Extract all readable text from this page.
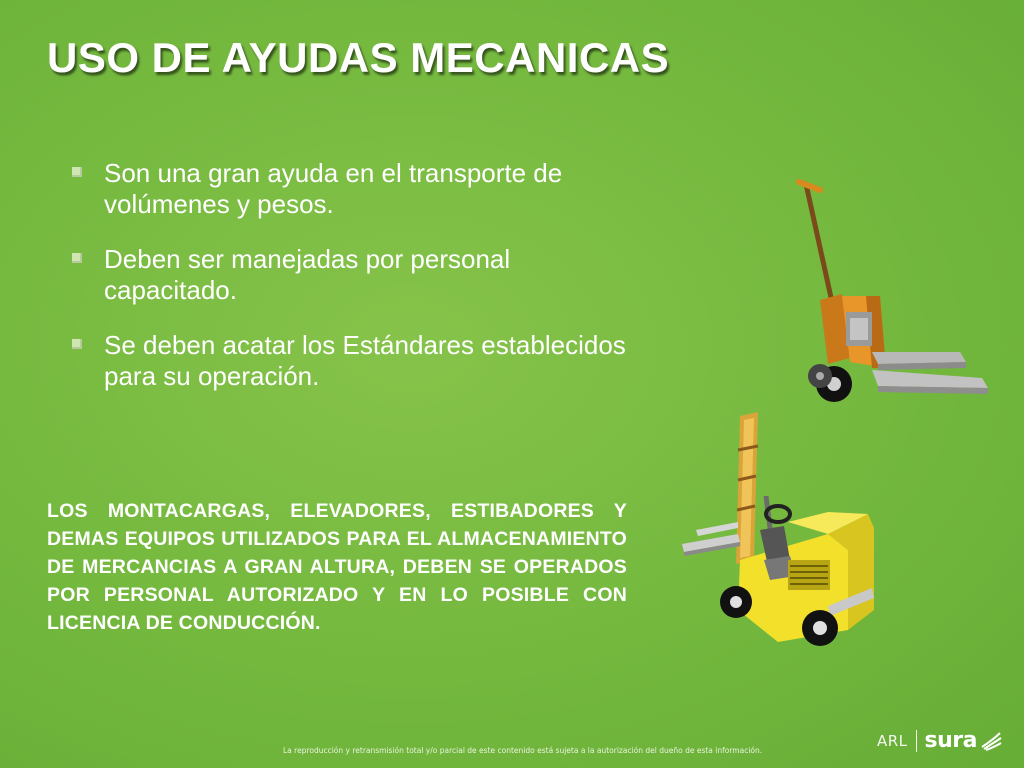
USO DE AYUDAS MECANICAS
Son una gran ayuda en el transporte de volúmenes y pesos.
Deben ser manejadas por personal capacitado.
Se deben acatar los Estándares establecidos para su operación.

LOS MONTACARGAS, ELEVADORES, ESTIBADORES Y DEMAS EQUIPOS UTILIZADOS PARA EL ALMACENAMIENTO DE MERCANCIAS A GRAN ALTURA, DEBEN SE OPERADOS POR PERSONAL AUTORIZADO Y EN LO POSIBLE CON LICENCIA DE CONDUCCIÓN.

La reproducción y retransmisión total y/o parcial de este contenido está sujeta a la autorización del dueño de esta información.
ARL sura
